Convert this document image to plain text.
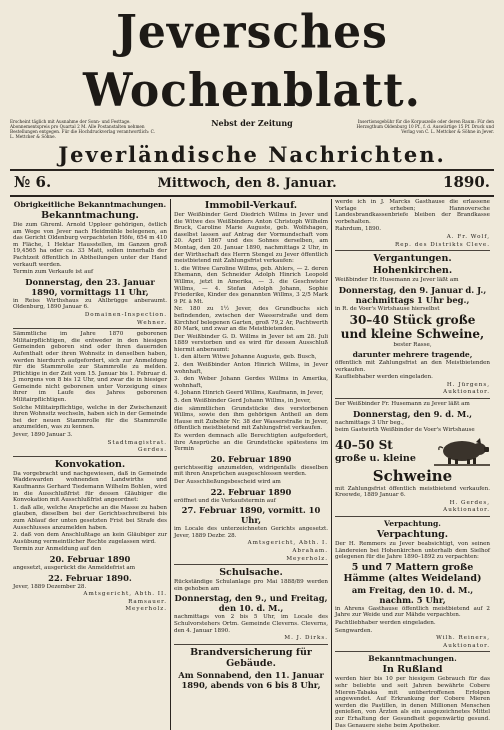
Jeversches Wochenblatt.
Erscheint täglich mit Ausnahme der Sonn- und Festtage. Abonnementspreis pro Quartal 2 M. Alle Postanstalten nehmen Bestellungen entgegen. Für die Hochdruckverlag verantwortlich: C. L. Mettcker & Söhne.
Nebst der Zeitung	Insertionsgebühr für die Korpuszeile oder deren Raum: Für den Herzogthum Oldenburg 10 Pf., f. d. Auswärtige 15 Pf. Druck und Verlag von C. L. Mettcker & Söhne in Jever.
Jeverländische Nachrichten.
№ 6.	Mittwoch, den 8. Januar.	1890.
Obrigkeitliche Bekanntmachungen.
Bekanntmachung.
Die zum Ghreml. Arnold Uppleer gehörigen, östlich am Wege von Jever nach Heidmühle belegenen, an das Gericht Oldenburg verpachteten Höfe, 654 m 410 m Fläche, 1 Hektar Hausstellen, im Ganzen groß 19,4565 ha oder ca. 33 Matt, sollen innerhalb der Pachtzeit öffentlich in Abtheilungen unter der Hand verkauft werden.
Termin zum Verkaufe ist auf
Donnerstag, den 23. Januar 1890, vormittags 11 Uhr,
in Reiss Wirthshaus zu Ahlbrügge anberaumt. Oldenburg, 1890 Januar 6.
Domainen-Inspection.
Wehner.
Sämmtliche im Jahre 1870 geborenen Militairpflichtigen, die entweder in den hiesigen Gemeinden geboren sind oder ihren dauernden Aufenthalt oder ihren Wohnsitz in denselben haben, werden hierdurch aufgefordert, sich zur Anmeldung für die Stammrolle zur Stammrolle zu melden. Pflichtige in der Zeit vom 15. Januar bis 1. Februar d. J. morgens von 8 bis 12 Uhr, und zwar die in hiesiger Gemeinde nicht geborenen unter Vorzeigung eines ihrer im Laufe des Jahres geborenen Militairpflichtigen.
Solche Militairpflichtige, welche in der Zwischenzeit ihren Wohnsitz wechseln, haben sich in der Gemeinde bei der neuen Stammrolle für die Stammrolle anzumelden, was zu kennen.
Jever, 1890 Januar 3.
Stadtmagistrat.
Gerdes.
Konvokation.
Da vorgebracht und nachgewiesen, daß in Gemeinde Waddewarden wohnenden Landwirths und Kaufmanns Gerhard Tiedemann Wilhelm Bohlen, wird in die Ausschlußfrist für dessen Gläubiger die Konvokation mit Ausschlußfrist angeordnet:
1. daß alle, welche Ansprüche an die Masse zu haben glauben, dieselben bei der Gerichtsschreiberei bis zum Ablauf der unten gesetzten Frist bei Strafe des Ausschlusses anzumelden haben.
2. daß von dem Anschlußtage an kein Gläubiger zur Ausübung vermeintlicher Rechte zugelassen wird.
Termin zur Anmeldung auf den
20. Februar 1890
angesetzt, ausgerückt die Anmeldefrist am
22. Februar 1890.
Jever, 1889 Dezember 28.
Amtsgericht, Abth. II.
Ramsauer.
Meyerholz.
Immobil-Verkauf.
Der Weißbinder Gerd Diedrich Willms in Jever und die Witwe des Weißbinders Anton Christoph Wilhelm Bruck, Caroline Marie Auguste, geb. Wolfshagen, daselbst lassen auf Antrag der Vormundschaft vom 20. April 1867 und des Sohnes derselben, am Montag, den 20. Januar 1890, nachmittags 2 Uhr, in der Wirthschaft des Herrn Stengel zu Jever öffentlich meistbietend mit Zahlungsfrist verkaufen:
1. die Witwe Caroline Willms, geb. Ahlers, — 2. deren Ehemann, den Schneider Adolph Hinrich Leopold Willms, jetzt in Amerika, — 3. die Geschwister Willms, — 4. Stefan Adolph Johann, Sophie Friederike, Kinder des genannten Willms, 3 2/5 Mark 9 Pf. ä Mt.
Nr. 180 zu 1½ Jever, des Grundbuchs sich befindenden, zwischen der Wasserstraße und dem Kirchhof belegenen Garten, groß 79,2 Ar, Pachtwerth 80 Mark, und zwar an die Meistbietenden.
Der Weißbinder G. D. Willms in Jever ist am 28. Juli 1889 verstorben und es wird für dessen Ausschluß hiermit anberaumt:
1. den ältern Witwe Johanne Auguste, geb. Busch,
2. den Weißbinder Anton Hinrich Willms, in Jever wohnhaft,
3. den Weber Johann Gerdes Willms in Amerika, wohnhaft,
4. Johann Hinrich Geerd Willms, Kaufmann, in Jever,
5. den Weißbinder Gerd Johann Willms, in Jever,
die sämmtlichen Grundstücke des verstorbenen Willms, sowie den ihm gehörigen Antheil an dem Hause mit Zubehör Nr. 38 der Wasserstraße in Jever, öffentlich meistbietend mit Zahlungsfrist verkaufen.
Es werden demnach alle Berechtigten aufgefordert, ihre Ansprüche an die Grundstücke spätestens im Termin
20. Februar 1890
gerichtsseitig anzumelden, widrigenfalls dieselben mit ihren Ansprüchen ausgeschlossen werden.
Der Ausschließungsbescheid wird am
22. Februar 1890
eröffnet und die Verkaufstermin auf
27. Februar 1890, vormitt. 10 Uhr,
im Locale des unterzeichneten Gerichts angesetzt. Jever, 1889 Dezbr. 28.
Amtsgericht, Abth. I.
Abraham.
Meyerholz.
Schulsache.
Rückständige Schulanlage pro Mai 1888/89 werden ein gehoben am
Donnerstag, den 9., und Freitag, den 10. d. M.,
nachmittags von 2 bis 5 Uhr, im Locale des Schulvorstehers Ortm. Gemeinde Cleverns. Cleverns, den 4. Januar 1890.
M. J. Dirks.
Brandversicherung für Gebäude.
Am Sonnabend, den 11. Januar 1890, abends von 6 bis 8 Uhr,
werde ich in J. Marcks Gasthause die erlassene Vorlage erheben; Hannoversche Landesbrandkassenbriefe bleiben der Brandkasse vorbehalten.
Rahrdum, 1890.
A. Fr. Wolf,
Rep. des Distrikts Cleve.
Vergantungen.
Hohenkirchen.
Weißbinder Hr. Husemann zu Jever läßt am
Donnerstag, den 9. Januar d. J., nachmittags 1 Uhr beg.,
in R. de Voer's Wirtshause hierselbst
30–40 Stück große und kleine Schweine,
bester Rasse,
darunter mehrere tragende,
öffentlich mit Zahlungsfrist an den Meistbietenden verkaufen.
Kaufliebhaber werden eingeladen.
H. Jürgens,
Auktionator.
Der Weißbinder Fr. Husemann zu Jever läßt am
Donnerstag, den 9. d. M.,
nachmittags 3 Uhr beg.,
beim Gastwirth Weißbinder de Voer's Wirtshause
40–50 St
große u. kleine
Schweine
mit Zahlungsfrist öffentlich meistbietend verkaufen. Kreewde, 1889 Januar 6.
H. Gerdes,
Auktionator.
Verpachtung.
Verpachtung.
Der H. Remmers zu Jever beabsichtigt, von seinen Ländereien bei Hohenkirchen unterhalb dem Sielhof gelegenen für die Jahre 1890–1892 zu verpachten:
5 und 7 Mattern große Hämme (altes Weideland)
am Freitag, den 10. d. M., nachm. 5 Uhr,
in Ahrens Gasthause öffentlich meistbietend auf 2 Jahre zur Weide und zur Mähde verpachten.
Pachtliebhaber werden eingeladen.
Sengwarden.
Wilh. Reiners,
Auktionator.
Bekanntmachungen.
In Rußland
werden hier bis 10 per hiesigem Gebrauch für das sehr beliebte und seit Jahren bewährte Cobere Mieren-Tabaka mit unübertroffenen Erfolgen angewendet. Auf Erkrankung der Cobere Mieren werden die Pastillen, in denen Millionen Menschen genießen, von Ärzten als ein ausgezeichnetes Mittel zur Erhaltung der Gesundheit gegenwärtig gesund. Das Genauere siehe beim Apotheker.
